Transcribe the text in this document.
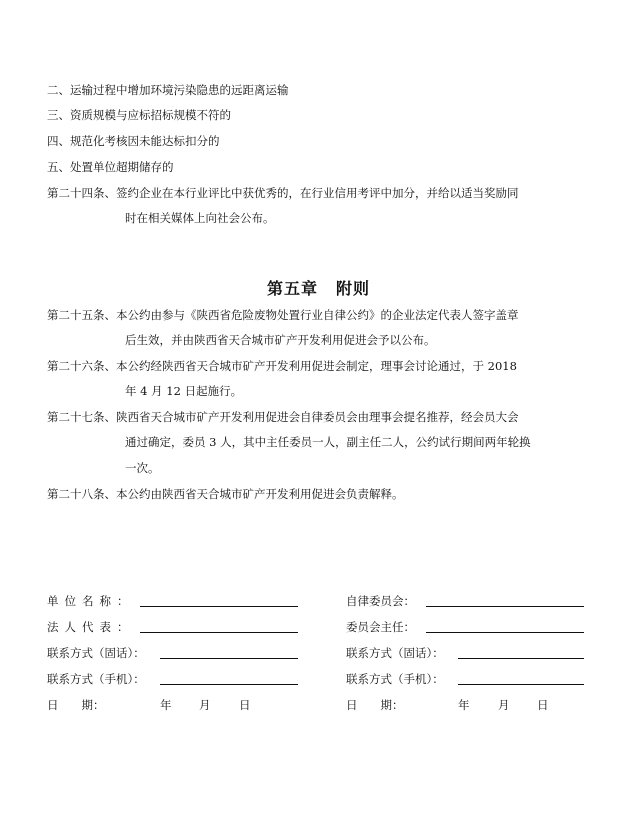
二、运输过程中增加环境污染隐患的远距离运输
三、资质规模与应标招标规模不符的
四、规范化考核因未能达标扣分的
五、处置单位超期储存的
第二十四条、签约企业在本行业评比中获优秀的，在行业信用考评中加分，并给以适当奖励同
时在相关媒体上向社会公布。
第五章 附则
第二十五条、本公约由参与《陕西省危险废物处置行业自律公约》的企业法定代表人签字盖章
后生效，并由陕西省天合城市矿产开发利用促进会予以公布。
第二十六条、本公约经陕西省天合城市矿产开发利用促进会制定，理事会讨论通过，于 2018
年 4 月 12 日起施行。
第二十七条、陕西省天合城市矿产开发利用促进会自律委员会由理事会提名推荐，经会员大会
通过确定，委员 3 人，其中主任委员一人，副主任二人，公约试行期间两年轮换
一次。
第二十八条、本公约由陕西省天合城市矿产开发利用促进会负责解释。
单位名称：
法人代表：
联系方式（固话）：
联系方式（手机）：
日　　期：	年 月 日
自律委员会：
委员会主任：
联系方式（固话）：
联系方式（手机）：
日　　期：	年 月 日
